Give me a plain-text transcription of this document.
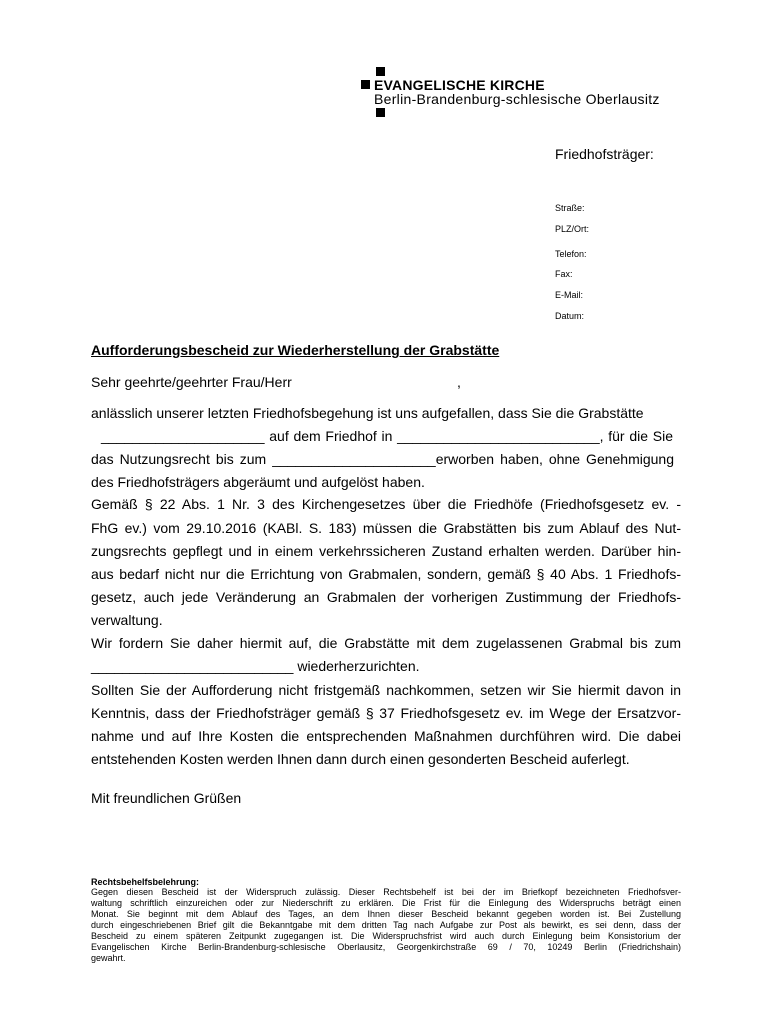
EVANGELISCHE KIRCHE
Berlin-Brandenburg-schlesische Oberlausitz
Friedhofsträger:
Straße:
PLZ/Ort:
Telefon:
Fax:
E-Mail:
Datum:
Aufforderungsbescheid zur Wiederherstellung der Grabstätte
Sehr geehrte/geehrter Frau/Herr	,
anlässlich unserer letzten Friedhofsbegehung ist uns aufgefallen, dass Sie die Grabstätte
_____________________ auf dem Friedhof in __________________________, für die Sie
das Nutzungsrecht bis zum _____________________erworben haben, ohne Genehmigung
des Friedhofsträgers abgeräumt und aufgelöst haben.
Gemäß § 22 Abs. 1 Nr. 3 des Kirchengesetzes über die Friedhöfe (Friedhofsgesetz ev. -
FhG ev.) vom 29.10.2016 (KABl. S. 183) müssen die Grabstätten bis zum Ablauf des Nut-
zungsrechts gepflegt und in einem verkehrssicheren Zustand erhalten werden. Darüber hin-
aus bedarf nicht nur die Errichtung von Grabmalen, sondern, gemäß § 40 Abs. 1 Friedhofs-
gesetz, auch jede Veränderung an Grabmalen der vorherigen Zustimmung der Friedhofs-
verwaltung.
Wir fordern Sie daher hiermit auf, die Grabstätte mit dem zugelassenen Grabmal bis zum
__________________________ wiederherzurichten.
Sollten Sie der Aufforderung nicht fristgemäß nachkommen, setzen wir Sie hiermit davon in
Kenntnis, dass der Friedhofsträger gemäß § 37 Friedhofsgesetz ev. im Wege der Ersatzvor-
nahme und auf Ihre Kosten die entsprechenden Maßnahmen durchführen wird. Die dabei
entstehenden Kosten werden Ihnen dann durch einen gesonderten Bescheid auferlegt.
Mit freundlichen Grüßen
Rechtsbehelfsbelehrung:
Gegen diesen Bescheid ist der Widerspruch zulässig. Dieser Rechtsbehelf ist bei der im Briefkopf bezeichneten Friedhofsver-
waltung schriftlich einzureichen oder zur Niederschrift zu erklären. Die Frist für die Einlegung des Widerspruchs beträgt einen
Monat. Sie beginnt mit dem Ablauf des Tages, an dem Ihnen dieser Bescheid bekannt gegeben worden ist. Bei Zustellung
durch eingeschriebenen Brief gilt die Bekanntgabe mit dem dritten Tag nach Aufgabe zur Post als bewirkt, es sei denn, dass der
Bescheid zu einem späteren Zeitpunkt zugegangen ist. Die Widerspruchsfrist wird auch durch Einlegung beim Konsistorium der
Evangelischen Kirche Berlin-Brandenburg-schlesische Oberlausitz, Georgenkirchstraße 69 / 70, 10249 Berlin (Friedrichshain)
gewahrt.
